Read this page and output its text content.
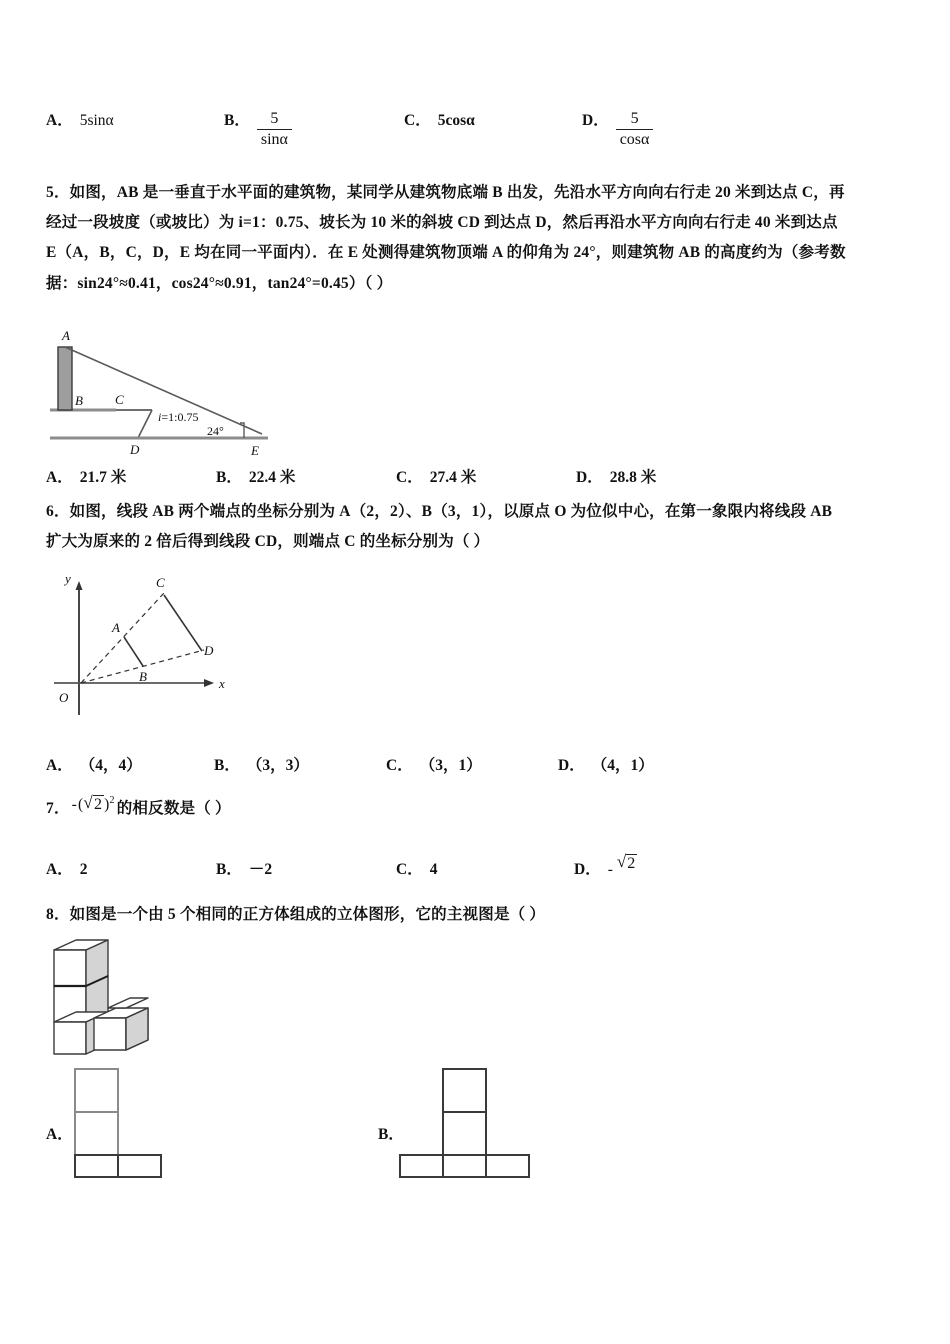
A． 5sinα	B． $\frac{5}{\sin\alpha}$	C． 5cosα	D． $\frac{5}{\cos\alpha}$
5．如图，AB 是一垂直于水平面的建筑物，某同学从建筑物底端 B 出发，先沿水平方向向右行走 20 米到达点 C，再
经过一段坡度（或坡比）为 i=1：0.75、坡长为 10 米的斜坡 CD 到达点 D，然后再沿水平方向向右行走 40 米到达点
E（A，B，C，D，E 均在同一平面内）．在 E 处测得建筑物顶端 A 的仰角为 24°，则建筑物 AB 的高度约为（参考数
据：sin24°≈0.41，cos24°≈0.91，tan24°=0.45）（ ）
A
B C
D	E
i=1:0.75
24°
A． 21.7 米	B． 22.4 米	C． 27.4 米	D． 28.8 米
6．如图，线段 AB 两个端点的坐标分别为 A（2，2）、B（3，1），以原点 O 为位似中心，在第一象限内将线段 AB
扩大为原来的 2 倍后得到线段 CD，则端点 C 的坐标分别为（ ）
y
x
O
A
B
C
D
A． （4，4）	B． （3，3）	C． （3，1）	D． （4，1）
7． - ( √ 2 ) 2 的相反数是（ ）
A． 2	B． －2	C． 4	D． - √ 2
8．如图是一个由 5 个相同的正方体组成的立体图形，它的主视图是（ ）
A．	B．
